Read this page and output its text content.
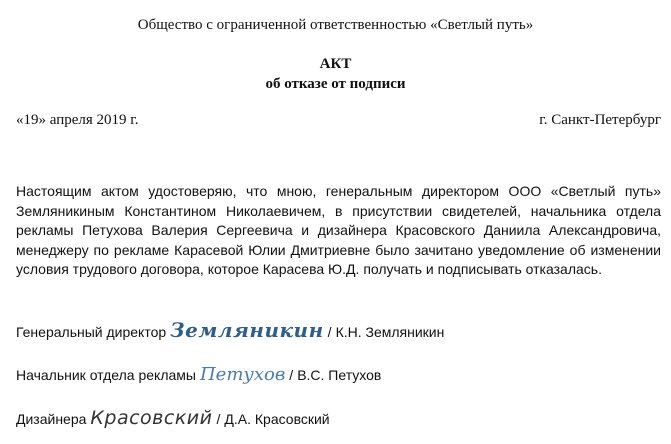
Общество с ограниченной ответственностью «Светлый путь»
АКТ
об отказе от подписи
«19» апреля 2019 г.	г. Санкт-Петербург
Настоящим актом удостоверяю, что мною, генеральным директором ООО «Светлый путь» Земляникиным Константином Николаевичем, в присутствии свидетелей, начальника отдела рекламы Петухова Валерия Сергеевича и дизайнера Красовского Даниила Александровича, менеджеру по рекламе Карасевой Юлии Дмитриевне было зачитано уведомление об изменении условия трудового договора, которое Карасева Ю.Д. получать и подписывать отказалась.
Генеральный директор Земляникин / К.Н. Земляникин
Начальник отдела рекламы Петухов / В.С. Петухов
Дизайнера Красовский / Д.А. Красовский
